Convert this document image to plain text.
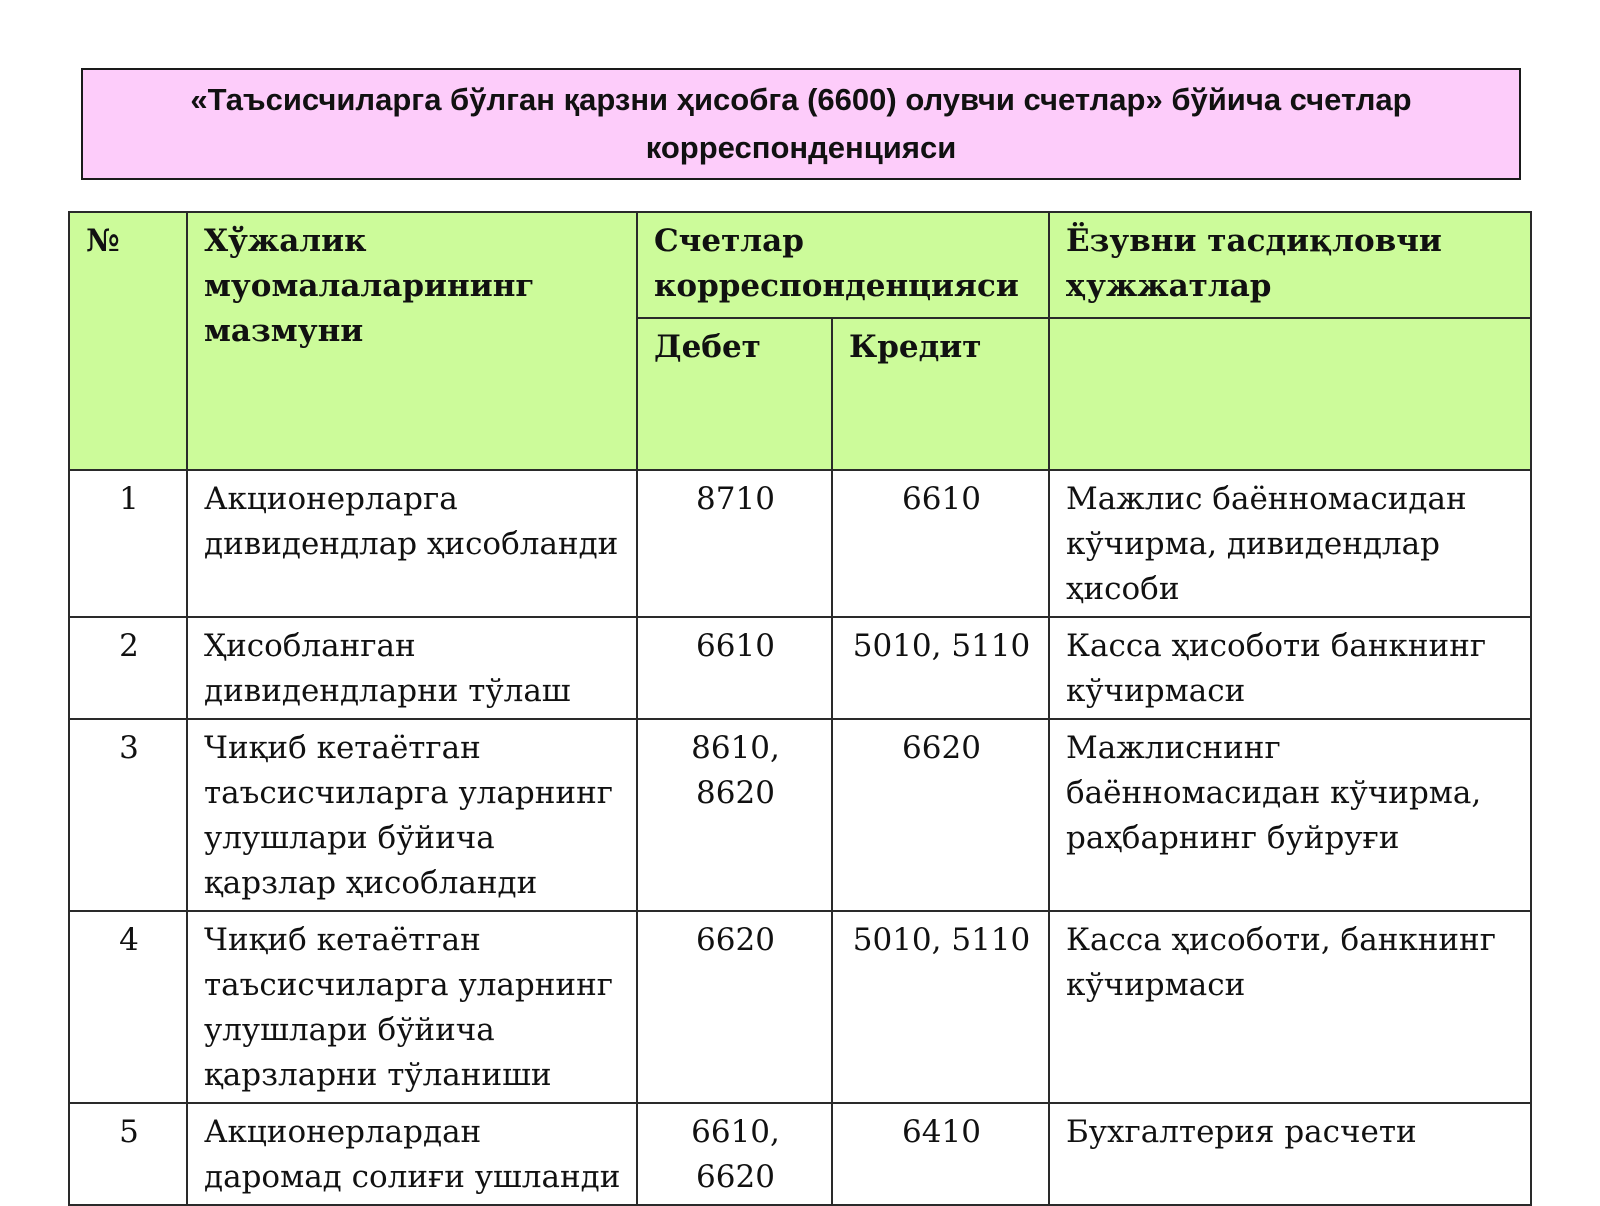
«Таъсисчиларга бўлган қарзни ҳисобга (6600) олувчи счетлар» бўйича счетлар корреспонденцияси
№	Хўжалик муомалаларининг мазмуни	Счетлар корреспонденцияси		Ёзувни тасдиқловчи ҳужжатлар
		Дебет	Кредит	
1	Акционерларга дивидендлар ҳисобланди	8710	6610	Мажлис баённомасидан кўчирма, дивидендлар ҳисоби
2	Ҳисобланган дивидендларни тўлаш	6610	5010, 5110	Касса ҳисоботи банкнинг кўчирмаси
3	Чиқиб кетаётган таъсисчиларга уларнинг улушлари бўйича қарзлар ҳисобланди	8610, 8620	6620	Мажлиснинг баённомасидан кўчирма, раҳбарнинг буйруғи
4	Чиқиб кетаётган таъсисчиларга уларнинг улушлари бўйича қарзларни тўланиши	6620	5010, 5110	Касса ҳисоботи, банкнинг кўчирмаси
5	Акционерлардан даромад солиғи ушланди	6610, 6620	6410	Бухгалтерия расчети
